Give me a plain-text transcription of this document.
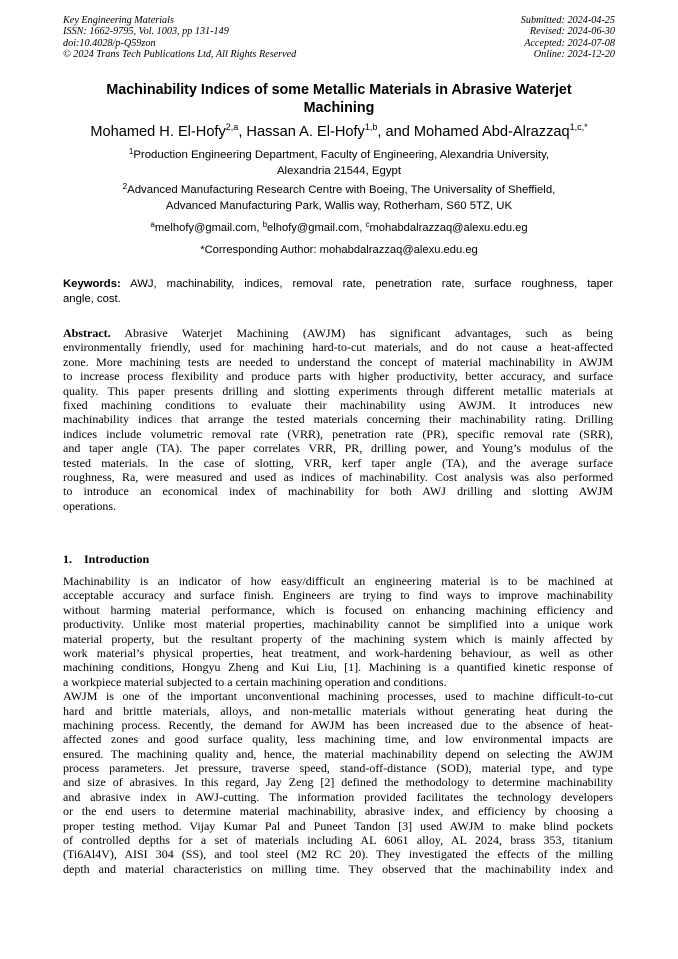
Key Engineering Materials
ISSN: 1662-9795, Vol. 1003, pp 131-149
doi:10.4028/p-Q59zon
© 2024 Trans Tech Publications Ltd, All Rights Reserved
Submitted: 2024-04-25
Revised: 2024-06-30
Accepted: 2024-07-08
Online: 2024-12-20
Machinability Indices of some Metallic Materials in Abrasive Waterjet
Machining
Mohamed H. El-Hofy$^{2,a}$, Hassan A. El-Hofy$^{1,b}$, and Mohamed Abd-Alrazzaq$^{1,c,*}$
$^1$Production Engineering Department, Faculty of Engineering, Alexandria University,
Alexandria 21544, Egypt
$^2$Advanced Manufacturing Research Centre with Boeing, The Universality of Sheffield,
Advanced Manufacturing Park, Wallis way, Rotherham, S60 5TZ, UK
$^a$melhofy@gmail.com, $^b$elhofy@gmail.com, $^c$mohabdalrazzaq@alexu.edu.eg
*Corresponding Author: mohabdalrazzaq@alexu.edu.eg
Keywords: AWJ, machinability, indices, removal rate, penetration rate, surface roughness, taper
angle, cost.
Abstract. Abrasive Waterjet Machining (AWJM) has significant advantages, such as being
environmentally friendly, used for machining hard-to-cut materials, and do not cause a heat-affected
zone. More machining tests are needed to understand the concept of material machinability in AWJM
to increase process flexibility and produce parts with higher productivity, better accuracy, and surface
quality. This paper presents drilling and slotting experiments through different metallic materials at
fixed machining conditions to evaluate their machinability using AWJM. It introduces new
machinability indices that arrange the tested materials concerning their machinability rating. Drilling
indices include volumetric removal rate (VRR), penetration rate (PR), specific removal rate (SRR),
and taper angle (TA). The paper correlates VRR, PR, drilling power, and Young’s modulus of the
tested materials. In the case of slotting, VRR, kerf taper angle (TA), and the average surface
roughness, Ra, were measured and used as indices of machinability. Cost analysis was also performed
to introduce an economical index of machinability for both AWJ drilling and slotting AWJM
operations.
1. Introduction
Machinability is an indicator of how easy/difficult an engineering material is to be machined at
acceptable accuracy and surface finish. Engineers are trying to find ways to improve machinability
without harming material performance, which is focused on enhancing machining efficiency and
productivity. Unlike most material properties, machinability cannot be simplified into a unique work
material property, but the resultant property of the machining system which is mainly affected by
work material’s physical properties, heat treatment, and work-hardening behaviour, as well as other
machining conditions, Hongyu Zheng and Kui Liu, [1]. Machining is a quantified kinetic response of
a workpiece material subjected to a certain machining operation and conditions.
AWJM is one of the important unconventional machining processes, used to machine difficult-to-cut
hard and brittle materials, alloys, and non-metallic materials without generating heat during the
machining process. Recently, the demand for AWJM has been increased due to the absence of heat-
affected zones and good surface quality, less machining time, and low environmental impacts are
ensured. The machining quality and, hence, the material machinability depend on selecting the AWJM
process parameters. Jet pressure, traverse speed, stand-off-distance (SOD), material type, and type
and size of abrasives. In this regard, Jay Zeng [2] defined the methodology to determine machinability
and abrasive index in AWJ-cutting. The information provided facilitates the technology developers
or the end users to determine material machinability, abrasive index, and efficiency by choosing a
proper testing method. Vijay Kumar Pal and Puneet Tandon [3] used AWJM to make blind pockets
of controlled depths for a set of materials including AL 6061 alloy, AL 2024, brass 353, titanium
(Ti6Al4V), AISI 304 (SS), and tool steel (M2 RC 20). They investigated the effects of the milling
depth and material characteristics on milling time. They observed that the machinability index and
